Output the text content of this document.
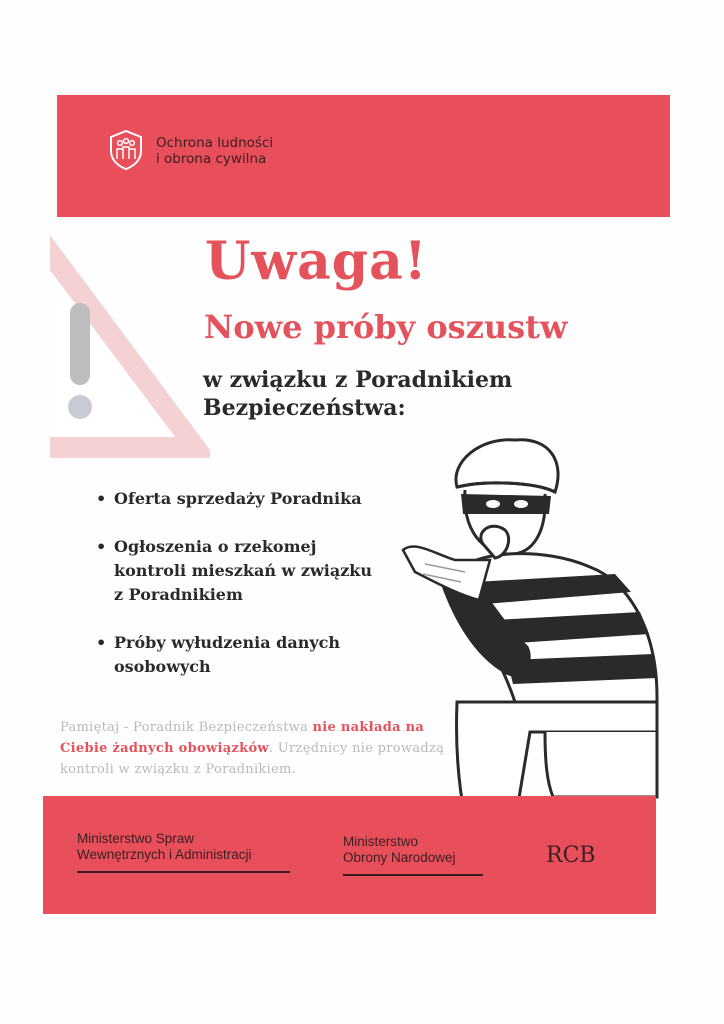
Ochrona ludności
i obrona cywilna
Uwaga!
Nowe próby oszustw
w związku z Poradnikiem
Bezpieczeństwa:
• Oferta sprzedaży Poradnika
• Ogłoszenia o rzekomej
kontroli mieszkań w związku
z Poradnikiem
• Próby wyłudzenia danych
osobowych

Pamiętaj - Poradnik Bezpieczeństwa nie nakłada na Ciebie żadnych obowiązków. Urzędnicy nie prowadzą kontroli w związku z Poradnikiem.

Ministerstwo Spraw
Wewnętrznych i Administracji
Ministerstwo
Obrony Narodowej	RCB
